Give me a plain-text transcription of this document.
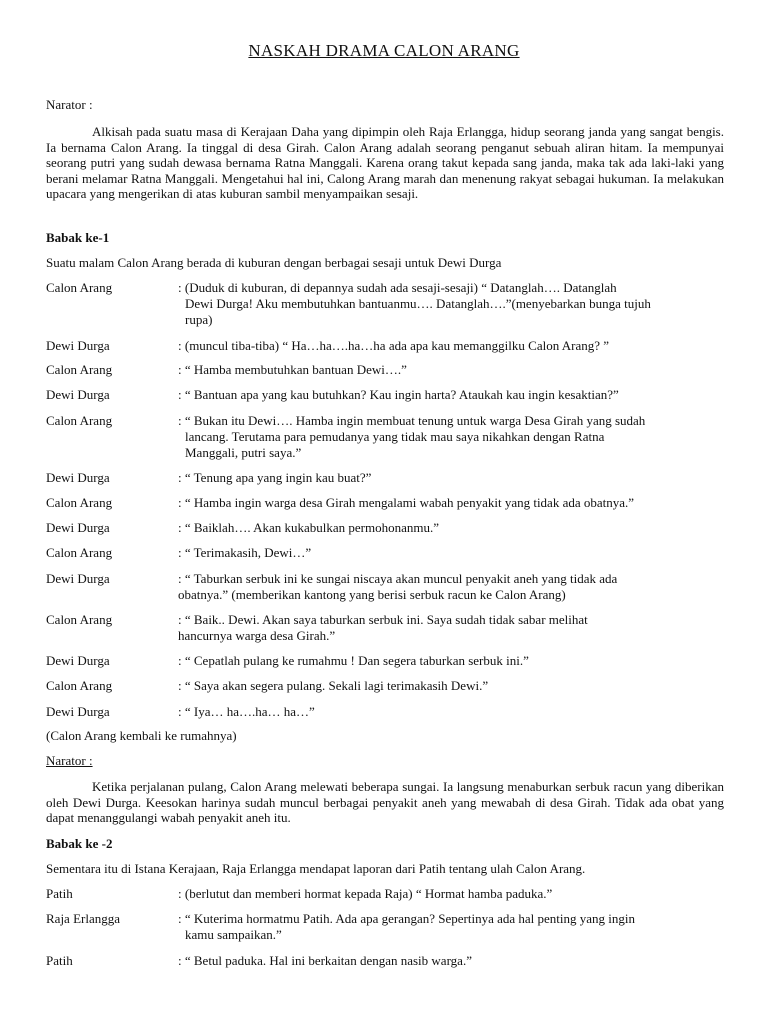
NASKAH DRAMA CALON ARANG
Narator :
Alkisah pada suatu masa di Kerajaan Daha yang dipimpin oleh Raja Erlangga, hidup seorang janda yang sangat bengis. Ia bernama Calon Arang. Ia tinggal di desa Girah. Calon Arang adalah seorang penganut sebuah aliran hitam. Ia mempunyai seorang putri yang sudah dewasa bernama Ratna Manggali. Karena orang takut kepada sang janda, maka tak ada laki-laki yang berani melamar Ratna Manggali. Mengetahui hal ini, Calong Arang marah dan menenung rakyat sebagai hukuman. Ia melakukan upacara yang mengerikan di atas kuburan sambil menyampaikan sesaji.
Babak ke-1
Suatu malam Calon Arang berada di kuburan dengan berbagai sesaji untuk Dewi Durga
Calon Arang	: (Duduk di kuburan, di depannya sudah ada sesaji-sesaji) “ Datanglah…. Datanglah
Dewi Durga! Aku membutuhkan bantuanmu…. Datanglah….”(menyebarkan bunga tujuh
rupa)
Dewi Durga	: (muncul tiba-tiba) “ Ha…ha….ha…ha ada apa kau memanggilku Calon Arang? ”
Calon Arang	: “ Hamba membutuhkan bantuan Dewi….”
Dewi Durga	: “ Bantuan apa yang kau butuhkan? Kau ingin harta? Ataukah kau ingin kesaktian?”
Calon Arang	: “ Bukan itu Dewi…. Hamba ingin membuat tenung untuk warga Desa Girah yang sudah
lancang. Terutama para pemudanya yang tidak mau saya nikahkan dengan Ratna
Manggali, putri saya.”
Dewi Durga	: “ Tenung apa yang ingin kau buat?”
Calon Arang	: “ Hamba ingin warga desa Girah mengalami wabah penyakit yang tidak ada obatnya.”
Dewi Durga	: “ Baiklah…. Akan kukabulkan permohonanmu.”
Calon Arang	: “ Terimakasih, Dewi…”
Dewi Durga	: “ Taburkan serbuk ini ke sungai niscaya akan muncul penyakit aneh yang tidak ada
obatnya.” (memberikan kantong yang berisi serbuk racun ke Calon Arang)
Calon Arang	: “ Baik.. Dewi. Akan saya taburkan serbuk ini. Saya sudah tidak sabar melihat
hancurnya warga desa Girah.”
Dewi Durga	: “ Cepatlah pulang ke rumahmu ! Dan segera taburkan serbuk ini.”
Calon Arang	: “ Saya akan segera pulang. Sekali lagi terimakasih Dewi.”
Dewi Durga	: “ Iya… ha….ha… ha…”
(Calon Arang kembali ke rumahnya)
Narator :
Ketika perjalanan pulang, Calon Arang melewati beberapa sungai. Ia langsung menaburkan serbuk racun yang diberikan oleh Dewi Durga. Keesokan harinya sudah muncul berbagai penyakit aneh yang mewabah di desa Girah. Tidak ada obat yang dapat menanggulangi wabah penyakit aneh itu.
Babak ke -2
Sementara itu di Istana Kerajaan, Raja Erlangga mendapat laporan dari Patih tentang ulah Calon Arang.
Patih	: (berlutut dan memberi hormat kepada Raja) “ Hormat hamba paduka.”
Raja Erlangga	: “ Kuterima hormatmu Patih. Ada apa gerangan? Sepertinya ada hal penting yang ingin
kamu sampaikan.”
Patih	: “ Betul paduka. Hal ini berkaitan dengan nasib warga.”
